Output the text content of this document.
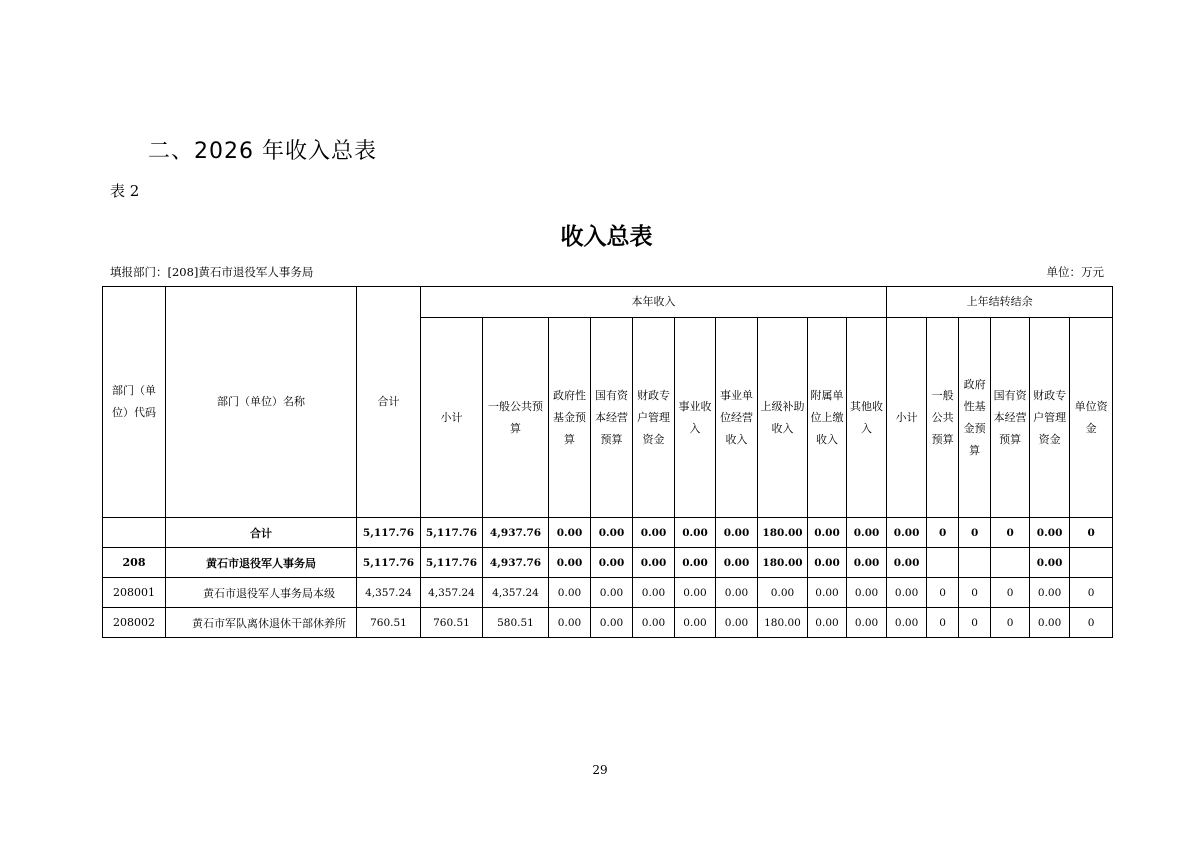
二、2026 年收入总表
表 2
收入总表
填报部门：[208]黄石市退役军人事务局	单位：万元
部门（单位）代码	部门（单位）名称	合计	本年收入										上年结转结余					
			小计	一般公共预算	政府性基金预算	国有资本经营预算	财政专户管理资金	事业收入	事业单位经营收入	上级补助收入	附属单位上缴收入	其他收入	小计	一般公共预算	政府性基金预算	国有资本经营预算	财政专户管理资金	单位资金
	合计	5,117.76	5,117.76	4,937.76	0.00	0.00	0.00	0.00	0.00	180.00	0.00	0.00	0.00	0	0	0	0.00	0
208	黄石市退役军人事务局	5,117.76	5,117.76	4,937.76	0.00	0.00	0.00	0.00	0.00	180.00	0.00	0.00	0.00				0.00	
208001	黄石市退役军人事务局本级	4,357.24	4,357.24	4,357.24	0.00	0.00	0.00	0.00	0.00	0.00	0.00	0.00	0.00	0	0	0	0.00	0
208002	黄石市军队离休退休干部休养所	760.51	760.51	580.51	0.00	0.00	0.00	0.00	0.00	180.00	0.00	0.00	0.00	0	0	0	0.00	0
29
